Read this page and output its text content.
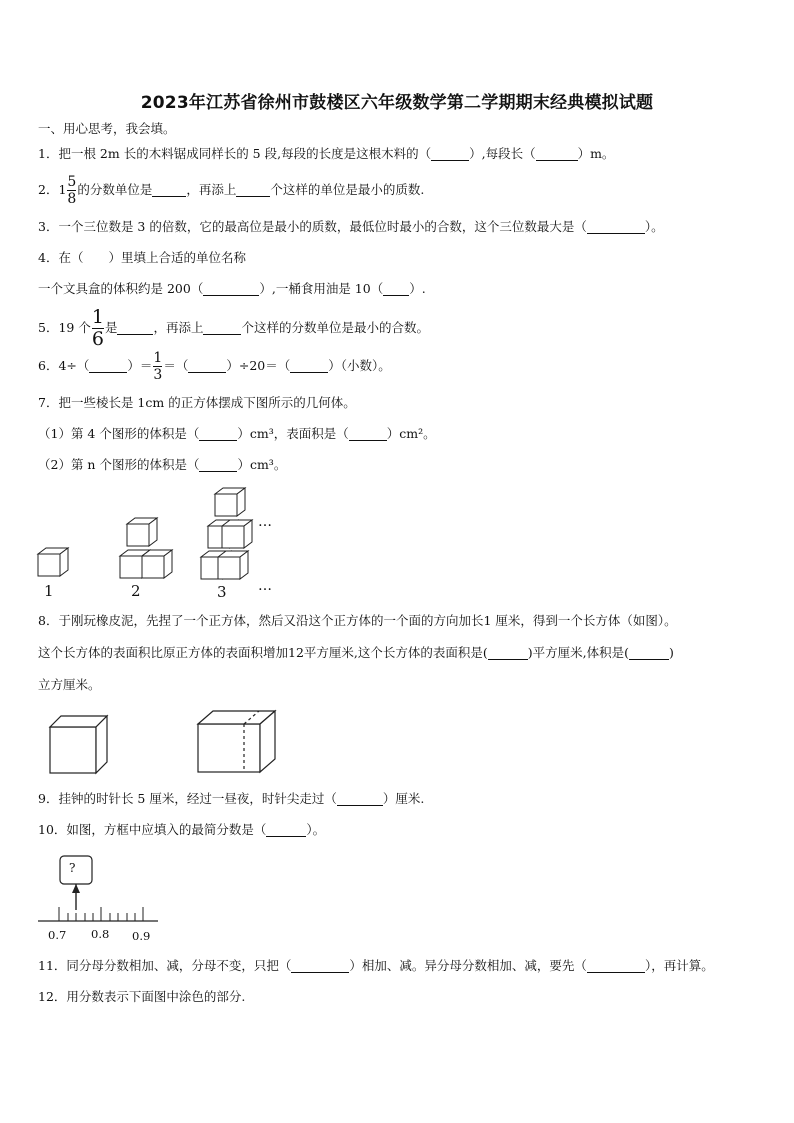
2023年江苏省徐州市鼓楼区六年级数学第二学期期末经典模拟试题
一、用心思考，我会填。
1．把一根 2m 长的木料锯成同样长的 5 段,每段的长度是这根木料的（	）,每段长（	）m。
2．$1 \frac{5}{8}$ 的分数单位是	，再添上	个这样的单位是最小的质数.
3．一个三位数是 3 的倍数，它的最高位是最小的质数，最低位时最小的合数，这个三位数最大是（	）。
4．在（　　）里填上合适的单位名称
一个文具盒的体积约是 200（	）,一桶食用油是 10（ ）.
5．19 个 $\frac{1}{6}$ 是	，再添上	个这样的分数单位是最小的合数。
6．4÷（	）＝ $\frac{1}{3}$ ＝（	）÷20＝（	）（小数）。
7．把一些棱长是 1cm 的正方体摆成下图所示的几何体。
（1）第 4 个图形的体积是（	）cm³，表面积是（	）cm²。
（2）第 n 个图形的体积是（	）cm³。
1	2	3
…
…
8．于刚玩橡皮泥，先捏了一个正方体，然后又沿这个正方体的一个面的方向加长1 厘米，得到一个长方体（如图）。
这个长方体的表面积比原正方体的表面积增加12平方厘米,这个长方体的表面积是(	)平方厘米,体积是(	)
立方厘米。
9．挂钟的时针长 5 厘米，经过一昼夜，时针尖走过（	）厘米.
10．如图，方框中应填入的最简分数是（	）。
?
0.7 0.8 0.9
11．同分母分数相加、减，分母不变，只把（	）相加、减。异分母分数相加、减，要先（	），再计算。
12．用分数表示下面图中涂色的部分.
